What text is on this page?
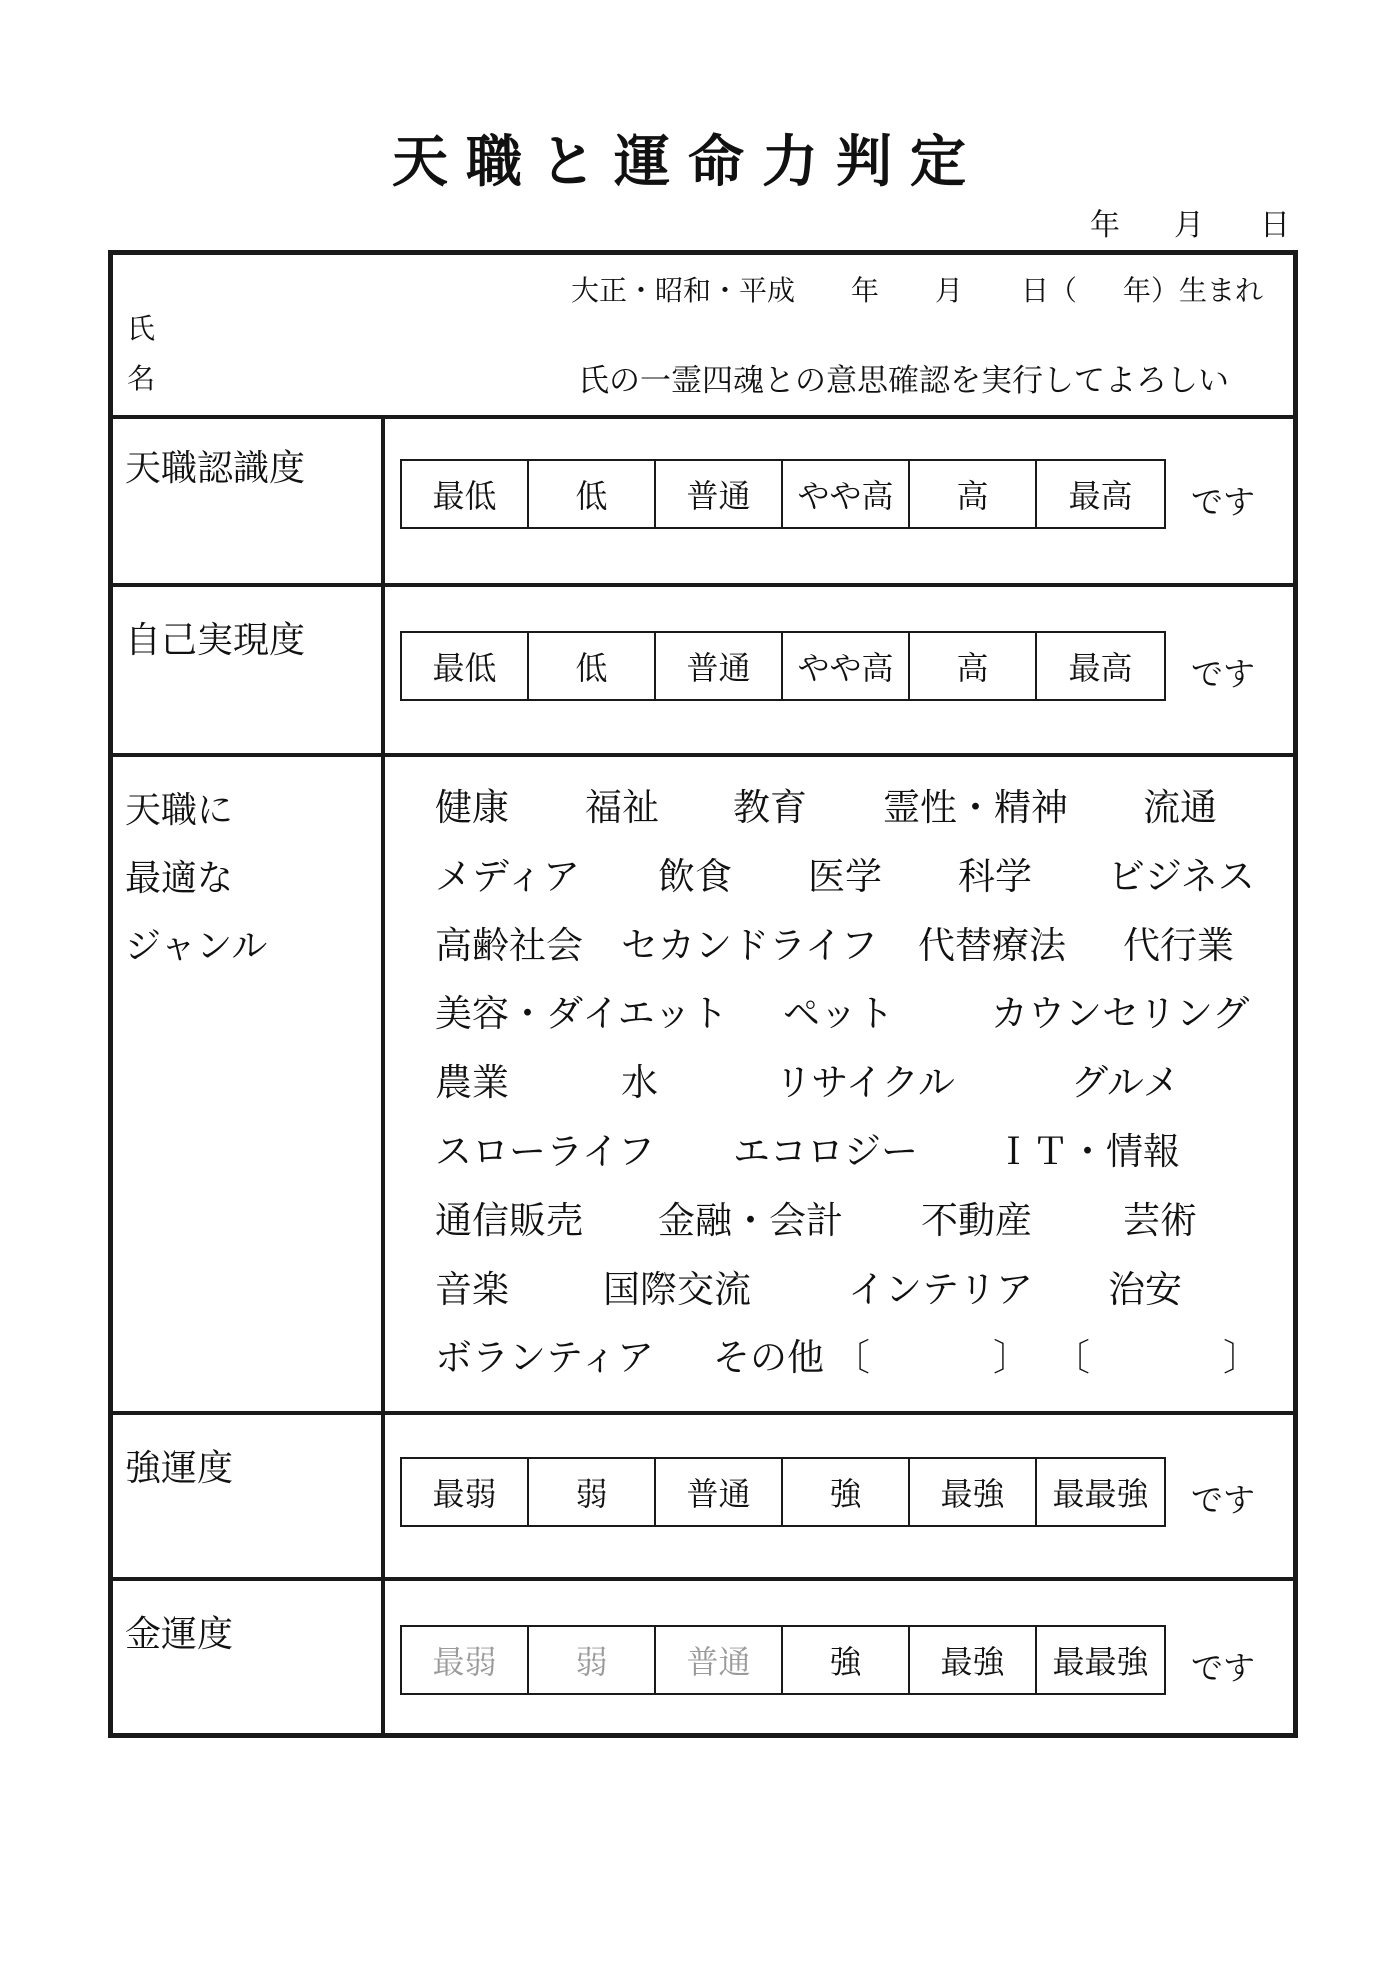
天職と運命力判定
年 月 日
氏
名
大正・昭和・平成 年 月 日（ 年）生まれ
氏の一霊四魂との意思確認を実行してよろしい
天職認識度
最低	低	普通	やや高	高	最高	です
自己実現度
最低	低	普通	やや高	高	最高	です
天職に
最適な
ジャンル
健康 福祉 教育 霊性・精神 流通
メディア 飲食 医学 科学 ビジネス
高齢社会 セカンドライフ 代替療法 代行業
美容・ダイエット ペット	カウンセリング
農業	水	リサイクル	グルメ
スローライフ エコロジー ＩＴ・情報
通信販売 金融・会計 不動産 芸術
音楽	国際交流	インテリア 治安
ボランティア その他 〔	〕 〔	〕
強運度
最弱	弱	普通	強	最強	最最強	です
金運度
最弱	弱	普通	強	最強	最最強	です
